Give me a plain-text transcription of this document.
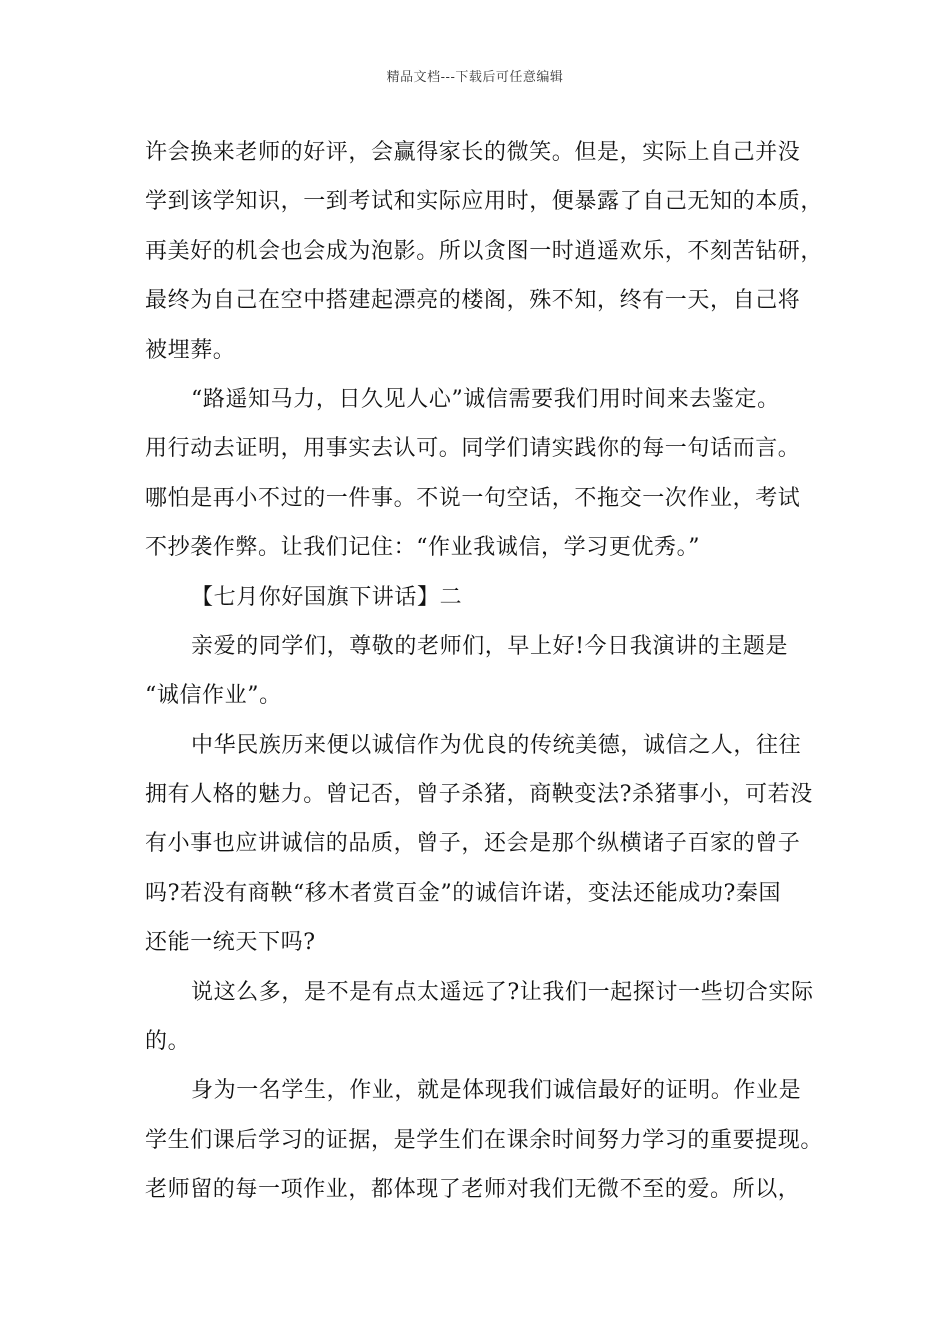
精品文档---下载后可任意编辑
许会换来老师的好评，会赢得家长的微笑。但是，实际上自己并没
学到该学知识，一到考试和实际应用时，便暴露了自己无知的本质，
再美好的机会也会成为泡影。所以贪图一时逍遥欢乐，不刻苦钻研，
最终为自己在空中搭建起漂亮的楼阁，殊不知，终有一天，自己将
被埋葬。
“路遥知马力，日久见人心”诚信需要我们用时间来去鉴定。
用行动去证明，用事实去认可。同学们请实践你的每一句话而言。
哪怕是再小不过的一件事。不说一句空话，不拖交一次作业，考试
不抄袭作弊。让我们记住：“作业我诚信，学习更优秀。”
【七月你好国旗下讲话】二
亲爱的同学们，尊敬的老师们，早上好!今日我演讲的主题是
“诚信作业”。
中华民族历来便以诚信作为优良的传统美德，诚信之人，往往
拥有人格的魅力。曾记否，曾子杀猪，商鞅变法?杀猪事小，可若没
有小事也应讲诚信的品质，曾子，还会是那个纵横诸子百家的曾子
吗?若没有商鞅“移木者赏百金”的诚信许诺，变法还能成功?秦国
还能一统天下吗?
说这么多，是不是有点太遥远了?让我们一起探讨一些切合实际
的。
身为一名学生，作业，就是体现我们诚信最好的证明。作业是
学生们课后学习的证据，是学生们在课余时间努力学习的重要提现。
老师留的每一项作业，都体现了老师对我们无微不至的爱。所以，
